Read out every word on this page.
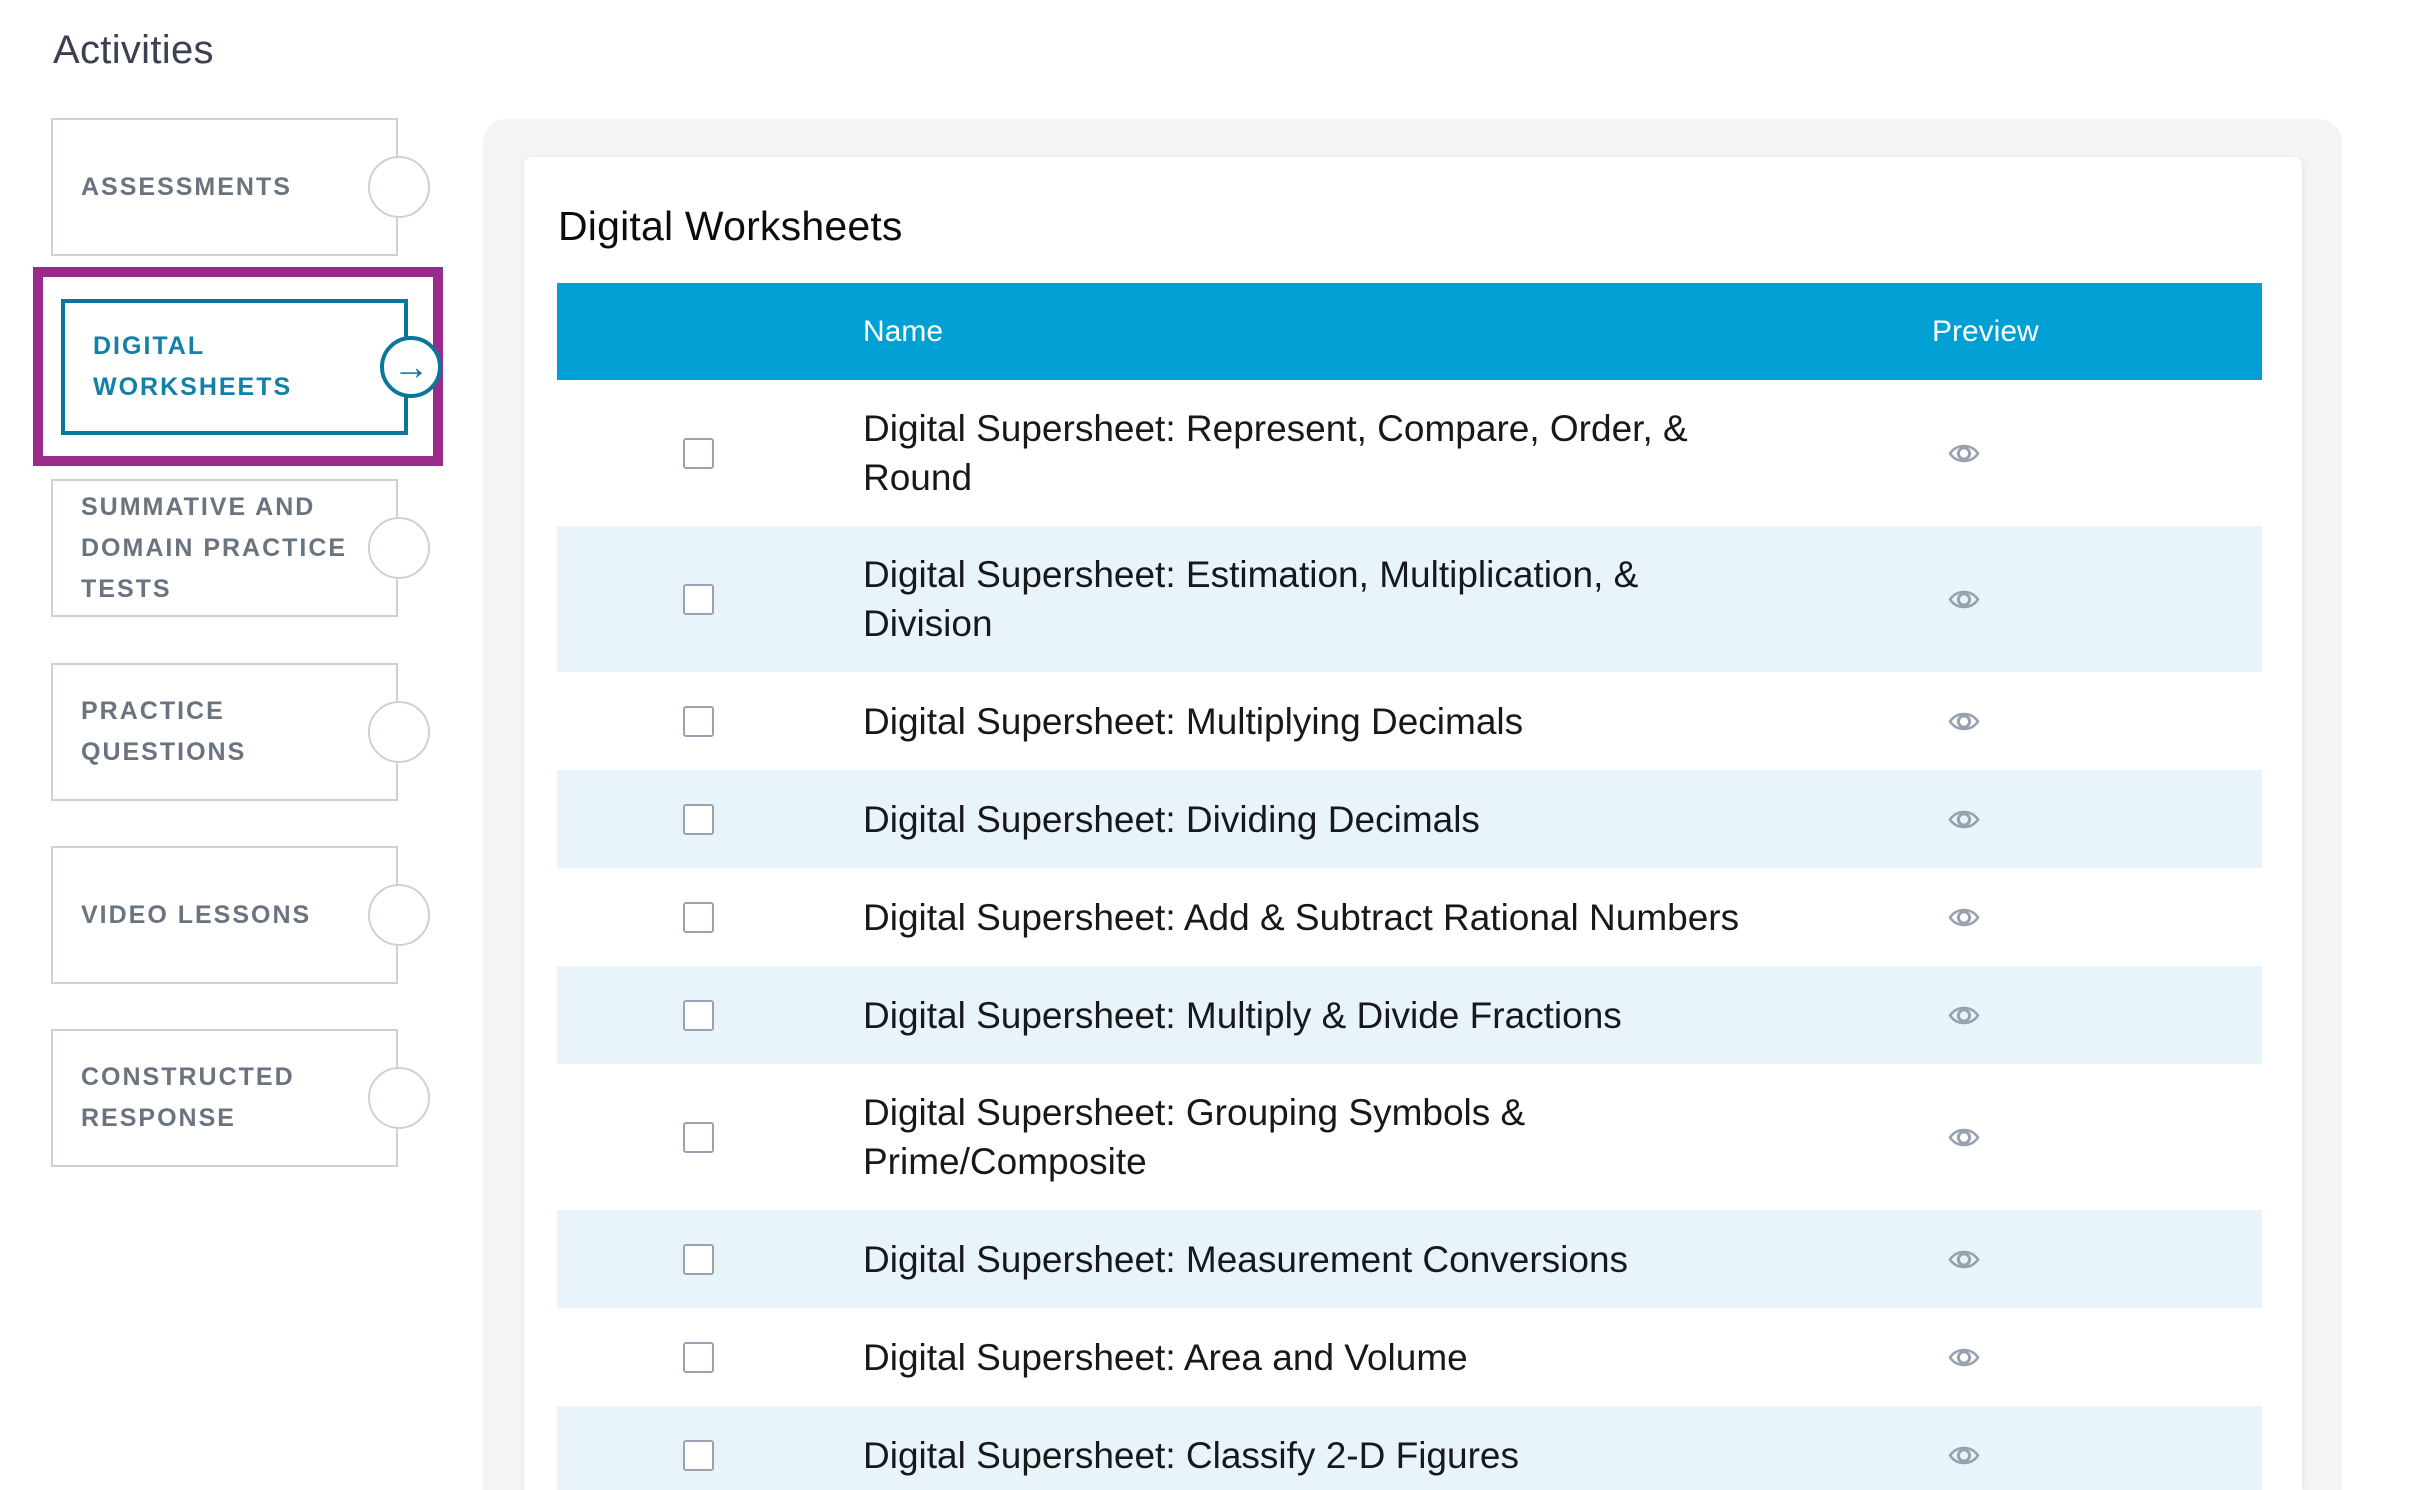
Activities
ASSESSMENTS
DIGITAL WORKSHEETS	→
SUMMATIVE AND DOMAIN PRACTICE TESTS
PRACTICE QUESTIONS
VIDEO LESSONS
CONSTRUCTED RESPONSE
Digital Worksheets
Name	Preview
Digital Supersheet: Represent, Compare, Order, & Round
Digital Supersheet: Estimation, Multiplication, & Division
Digital Supersheet: Multiplying Decimals
Digital Supersheet: Dividing Decimals
Digital Supersheet: Add & Subtract Rational Numbers
Digital Supersheet: Multiply & Divide Fractions
Digital Supersheet: Grouping Symbols & Prime/Composite
Digital Supersheet: Measurement Conversions
Digital Supersheet: Area and Volume
Digital Supersheet: Classify 2-D Figures
